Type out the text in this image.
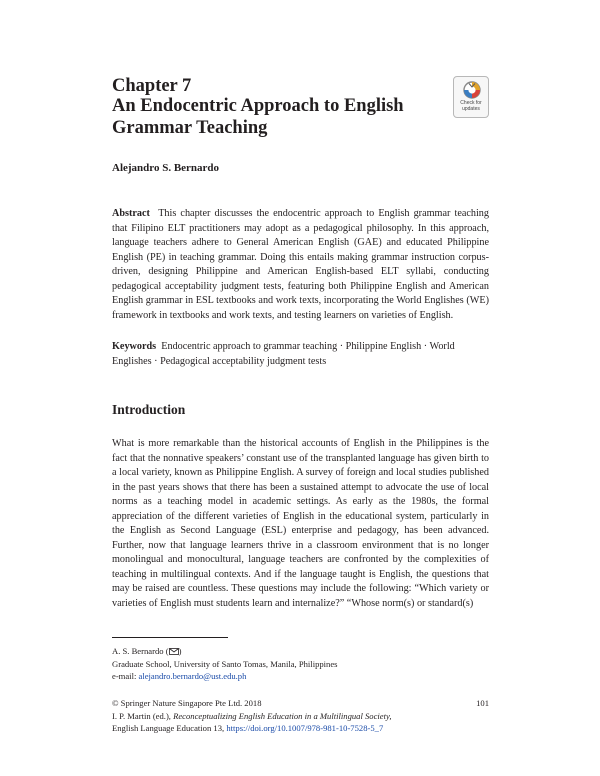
Chapter 7
An Endocentric Approach to English Grammar Teaching
Check for updates
Alejandro S. Bernardo
Abstract This chapter discusses the endocentric approach to English grammar teaching that Filipino ELT practitioners may adopt as a pedagogical philosophy. In this approach, language teachers adhere to General American English (GAE) and educated Philippine English (PE) in teaching grammar. Doing this entails making grammar instruction corpus-driven, designing Philippine and American English-based ELT syllabi, conducting pedagogical acceptability judgment tests, featuring both Philippine English and American English grammar in ESL textbooks and work texts, incorporating the World Englishes (WE) framework in textbooks and work texts, and testing learners on varieties of English.
Keywords Endocentric approach to grammar teaching · Philippine English · World Englishes · Pedagogical acceptability judgment tests
Introduction
What is more remarkable than the historical accounts of English in the Philippines is the fact that the nonnative speakers’ constant use of the transplanted language has given birth to a local variety, known as Philippine English. A survey of foreign and local studies published in the past years shows that there has been a sustained attempt to advocate the use of local norms as a teaching model in academic settings. As early as the 1980s, the formal appreciation of the different varieties of English in the educational system, particularly in the English as Second Language (ESL) enterprise and pedagogy, has been advanced. Further, now that language learners thrive in a classroom environment that is no longer monolingual and monocultural, language teachers are confronted by the complexities of teaching in multilingual contexts. And if the language taught is English, the questions that may be raised are countless. These questions may include the following: “Which variety or varieties of English must students learn and internalize?” “Whose norm(s) or standard(s)
A. S. Bernardo ( )
Graduate School, University of Santo Tomas, Manila, Philippines
e-mail: alejandro.bernardo@ust.edu.ph
© Springer Nature Singapore Pte Ltd. 2018
I. P. Martin (ed.), Reconceptualizing English Education in a Multilingual Society,
English Language Education 13, https://doi.org/10.1007/978-981-10-7528-5_7
101
